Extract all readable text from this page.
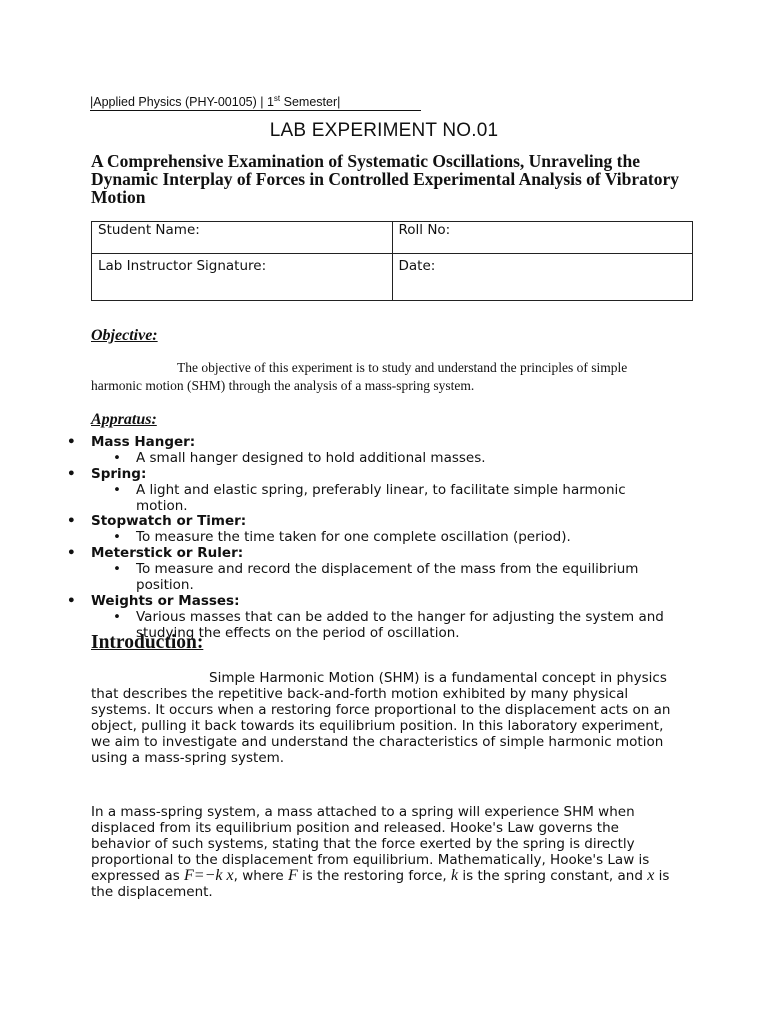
|Applied Physics (PHY-00105) | 1st Semester|
LAB EXPERIMENT NO.01
A Comprehensive Examination of Systematic Oscillations, Unraveling the Dynamic Interplay of Forces in Controlled Experimental Analysis of Vibratory Motion
Student Name:	Roll No:
Lab Instructor Signature:	Date:
Objective:
The objective of this experiment is to study and understand the principles of simple harmonic motion (SHM) through the analysis of a mass-spring system.
Appratus:
• Mass Hanger:
• A small hanger designed to hold additional masses.
• Spring:
• A light and elastic spring, preferably linear, to facilitate simple harmonic motion.
• Stopwatch or Timer:
• To measure the time taken for one complete oscillation (period).
• Meterstick or Ruler:
• To measure and record the displacement of the mass from the equilibrium position.
• Weights or Masses:
• Various masses that can be added to the hanger for adjusting the system and studying the effects on the period of oscillation.
Introduction:
Simple Harmonic Motion (SHM) is a fundamental concept in physics that describes the repetitive back-and-forth motion exhibited by many physical systems. It occurs when a restoring force proportional to the displacement acts on an object, pulling it back towards its equilibrium position. In this laboratory experiment, we aim to investigate and understand the characteristics of simple harmonic motion using a mass-spring system.
In a mass-spring system, a mass attached to a spring will experience SHM when displaced from its equilibrium position and released. Hooke's Law governs the behavior of such systems, stating that the force exerted by the spring is directly proportional to the displacement from equilibrium. Mathematically, Hooke's Law is expressed as F=−k x, where F is the restoring force, k is the spring constant, and x is the displacement.
